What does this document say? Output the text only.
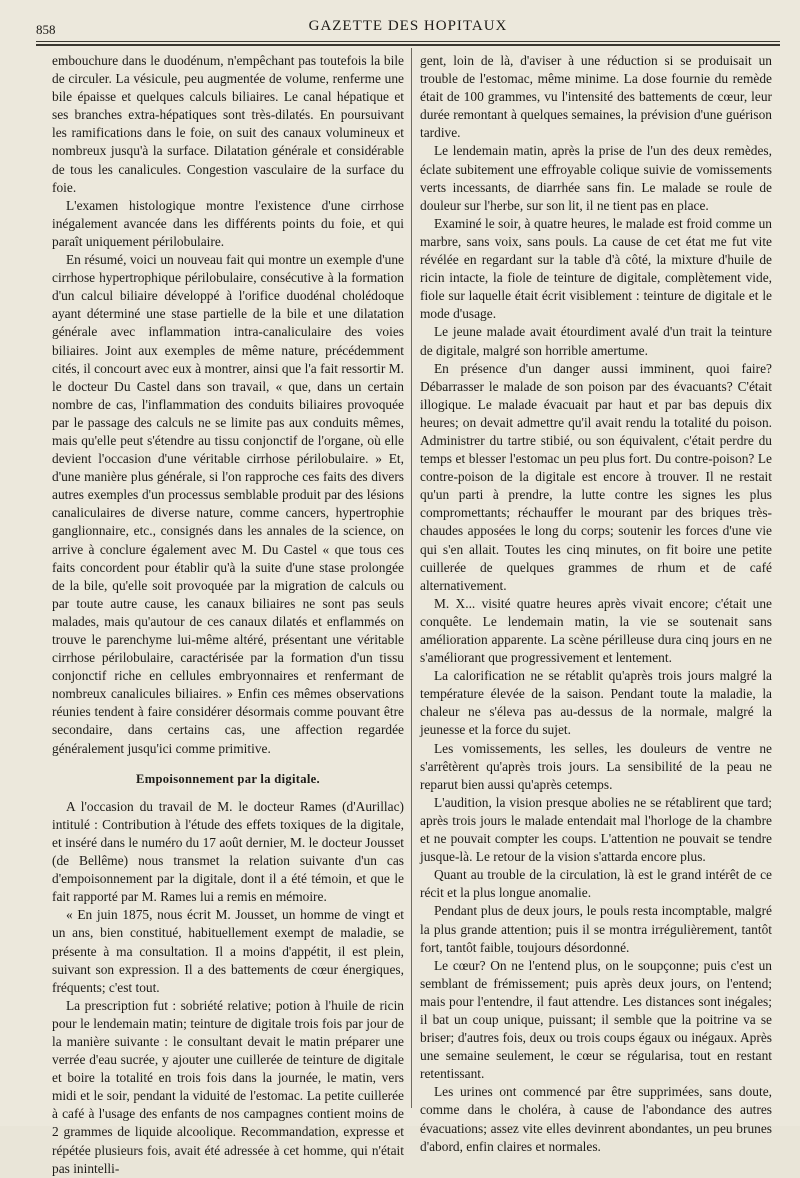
858	GAZETTE DES HOPITAUX

embouchure dans le duodénum, n'empêchant pas toutefois la bile de circuler. La vésicule, peu augmentée de volume, renferme une bile épaisse et quelques calculs biliaires. Le canal hépatique et ses branches extra-hépatiques sont très-dilatés. En poursuivant les ramifications dans le foie, on suit des canaux volumineux et nombreux jusqu'à la surface. Dilatation générale et considérable de tous les canalicules. Congestion vasculaire de la surface du foie.

L'examen histologique montre l'existence d'une cirrhose inégalement avancée dans les différents points du foie, et qui paraît uniquement périlobulaire.

En résumé, voici un nouveau fait qui montre un exemple d'une cirrhose hypertrophique périlobulaire, consécutive à la formation d'un calcul biliaire développé à l'orifice duodénal cholédoque ayant déterminé une stase partielle de la bile et une dilatation générale avec inflammation intra-canaliculaire des voies biliaires. Joint aux exemples de même nature, précédemment cités, il concourt avec eux à montrer, ainsi que l'a fait ressortir M. le docteur Du Castel dans son travail, « que, dans un certain nombre de cas, l'inflammation des conduits biliaires provoquée par le passage des calculs ne se limite pas aux conduits mêmes, mais qu'elle peut s'étendre au tissu conjonctif de l'organe, où elle devient l'occasion d'une véritable cirrhose périlobulaire. » Et, d'une manière plus générale, si l'on rapproche ces faits des divers autres exemples d'un processus semblable produit par des lésions canaliculaires de diverse nature, comme cancers, hypertrophie ganglionnaire, etc., consignés dans les annales de la science, on arrive à conclure également avec M. Du Castel « que tous ces faits concordent pour établir qu'à la suite d'une stase prolongée de la bile, qu'elle soit provoquée par la migration de calculs ou par toute autre cause, les canaux biliaires ne sont pas seuls malades, mais qu'autour de ces canaux dilatés et enflammés on trouve le parenchyme lui-même altéré, présentant une véritable cirrhose périlobulaire, caractérisée par la formation d'un tissu conjonctif riche en cellules embryonnaires et renfermant de nombreux canalicules biliaires. » Enfin ces mêmes observations réunies tendent à faire considérer désormais comme pouvant être secondaire, dans certains cas, une affection regardée généralement jusqu'ici comme primitive.

Empoisonnement par la digitale.

A l'occasion du travail de M. le docteur Rames (d'Aurillac) intitulé : Contribution à l'étude des effets toxiques de la digitale, et inséré dans le numéro du 17 août dernier, M. le docteur Jousset (de Bellême) nous transmet la relation suivante d'un cas d'empoisonnement par la digitale, dont il a été témoin, et que le fait rapporté par M. Rames lui a remis en mémoire.

« En juin 1875, nous écrit M. Jousset, un homme de vingt et un ans, bien constitué, habituellement exempt de maladie, se présente à ma consultation. Il a moins d'appétit, il est plein, suivant son expression. Il a des battements de cœur énergiques, fréquents; c'est tout.

La prescription fut : sobriété relative; potion à l'huile de ricin pour le lendemain matin; teinture de digitale trois fois par jour de la manière suivante : le consultant devait le matin préparer une verrée d'eau sucrée, y ajouter une cuillerée de teinture de digitale et boire la totalité en trois fois dans la journée, le matin, vers midi et le soir, pendant la viduité de l'estomac. La petite cuillerée à café à l'usage des enfants de nos campagnes contient moins de 2 grammes de liquide alcoolique. Recommandation, expresse et répétée plusieurs fois, avait été adressée à cet homme, qui n'était pas inintelli-

gent, loin de là, d'aviser à une réduction si se produisait un trouble de l'estomac, même minime. La dose fournie du remède était de 100 grammes, vu l'intensité des battements de cœur, leur durée remontant à quelques semaines, la prévision d'une guérison tardive.

Le lendemain matin, après la prise de l'un des deux remèdes, éclate subitement une effroyable colique suivie de vomissements verts incessants, de diarrhée sans fin. Le malade se roule de douleur sur l'herbe, sur son lit, il ne tient pas en place.

Examiné le soir, à quatre heures, le malade est froid comme un marbre, sans voix, sans pouls. La cause de cet état me fut vite révélée en regardant sur la table d'à côté, la mixture d'huile de ricin intacte, la fiole de teinture de digitale, complètement vide, fiole sur laquelle était écrit visiblement : teinture de digitale et le mode d'usage.

Le jeune malade avait étourdiment avalé d'un trait la teinture de digitale, malgré son horrible amertume.

En présence d'un danger aussi imminent, quoi faire? Débarrasser le malade de son poison par des évacuants? C'était illogique. Le malade évacuait par haut et par bas depuis dix heures; on devait admettre qu'il avait rendu la totalité du poison. Administrer du tartre stibié, ou son équivalent, c'était perdre du temps et blesser l'estomac un peu plus fort. Du contre-poison? Le contre-poison de la digitale est encore à trouver. Il ne restait qu'un parti à prendre, la lutte contre les signes les plus compromettants; réchauffer le mourant par des briques très-chaudes apposées le long du corps; soutenir les forces d'une vie qui s'en allait. Toutes les cinq minutes, on fit boire une petite cuillerée de quelques grammes de rhum et de café alternativement.

M. X... visité quatre heures après vivait encore; c'était une conquête. Le lendemain matin, la vie se soutenait sans amélioration apparente. La scène périlleuse dura cinq jours en ne s'améliorant que progressivement et lentement.

La calorification ne se rétablit qu'après trois jours malgré la température élevée de la saison. Pendant toute la maladie, la chaleur ne s'éleva pas au-dessus de la normale, malgré la jeunesse et la force du sujet.

Les vomissements, les selles, les douleurs de ventre ne s'arrêtèrent qu'après trois jours. La sensibilité de la peau ne reparut bien aussi qu'après cetemps.

L'audition, la vision presque abolies ne se rétablirent que tard; après trois jours le malade entendait mal l'horloge de la chambre et ne pouvait compter les coups. L'attention ne pouvait se tendre jusque-là. Le retour de la vision s'attarda encore plus.

Quant au trouble de la circulation, là est le grand intérêt de ce récit et la plus longue anomalie.

Pendant plus de deux jours, le pouls resta incomptable, malgré la plus grande attention; puis il se montra irrégulièrement, tantôt fort, tantôt faible, toujours désordonné.

Le cœur? On ne l'entend plus, on le soupçonne; puis c'est un semblant de frémissement; puis après deux jours, on l'entend; mais pour l'entendre, il faut attendre. Les distances sont inégales; il bat un coup unique, puissant; il semble que la poitrine va se briser; d'autres fois, deux ou trois coups égaux ou inégaux. Après une semaine seulement, le cœur se régularisa, tout en restant retentissant.

Les urines ont commencé par être supprimées, sans doute, comme dans le choléra, à cause de l'abondance des autres évacuations; assez vite elles devinrent abondantes, un peu brunes d'abord, enfin claires et normales.
